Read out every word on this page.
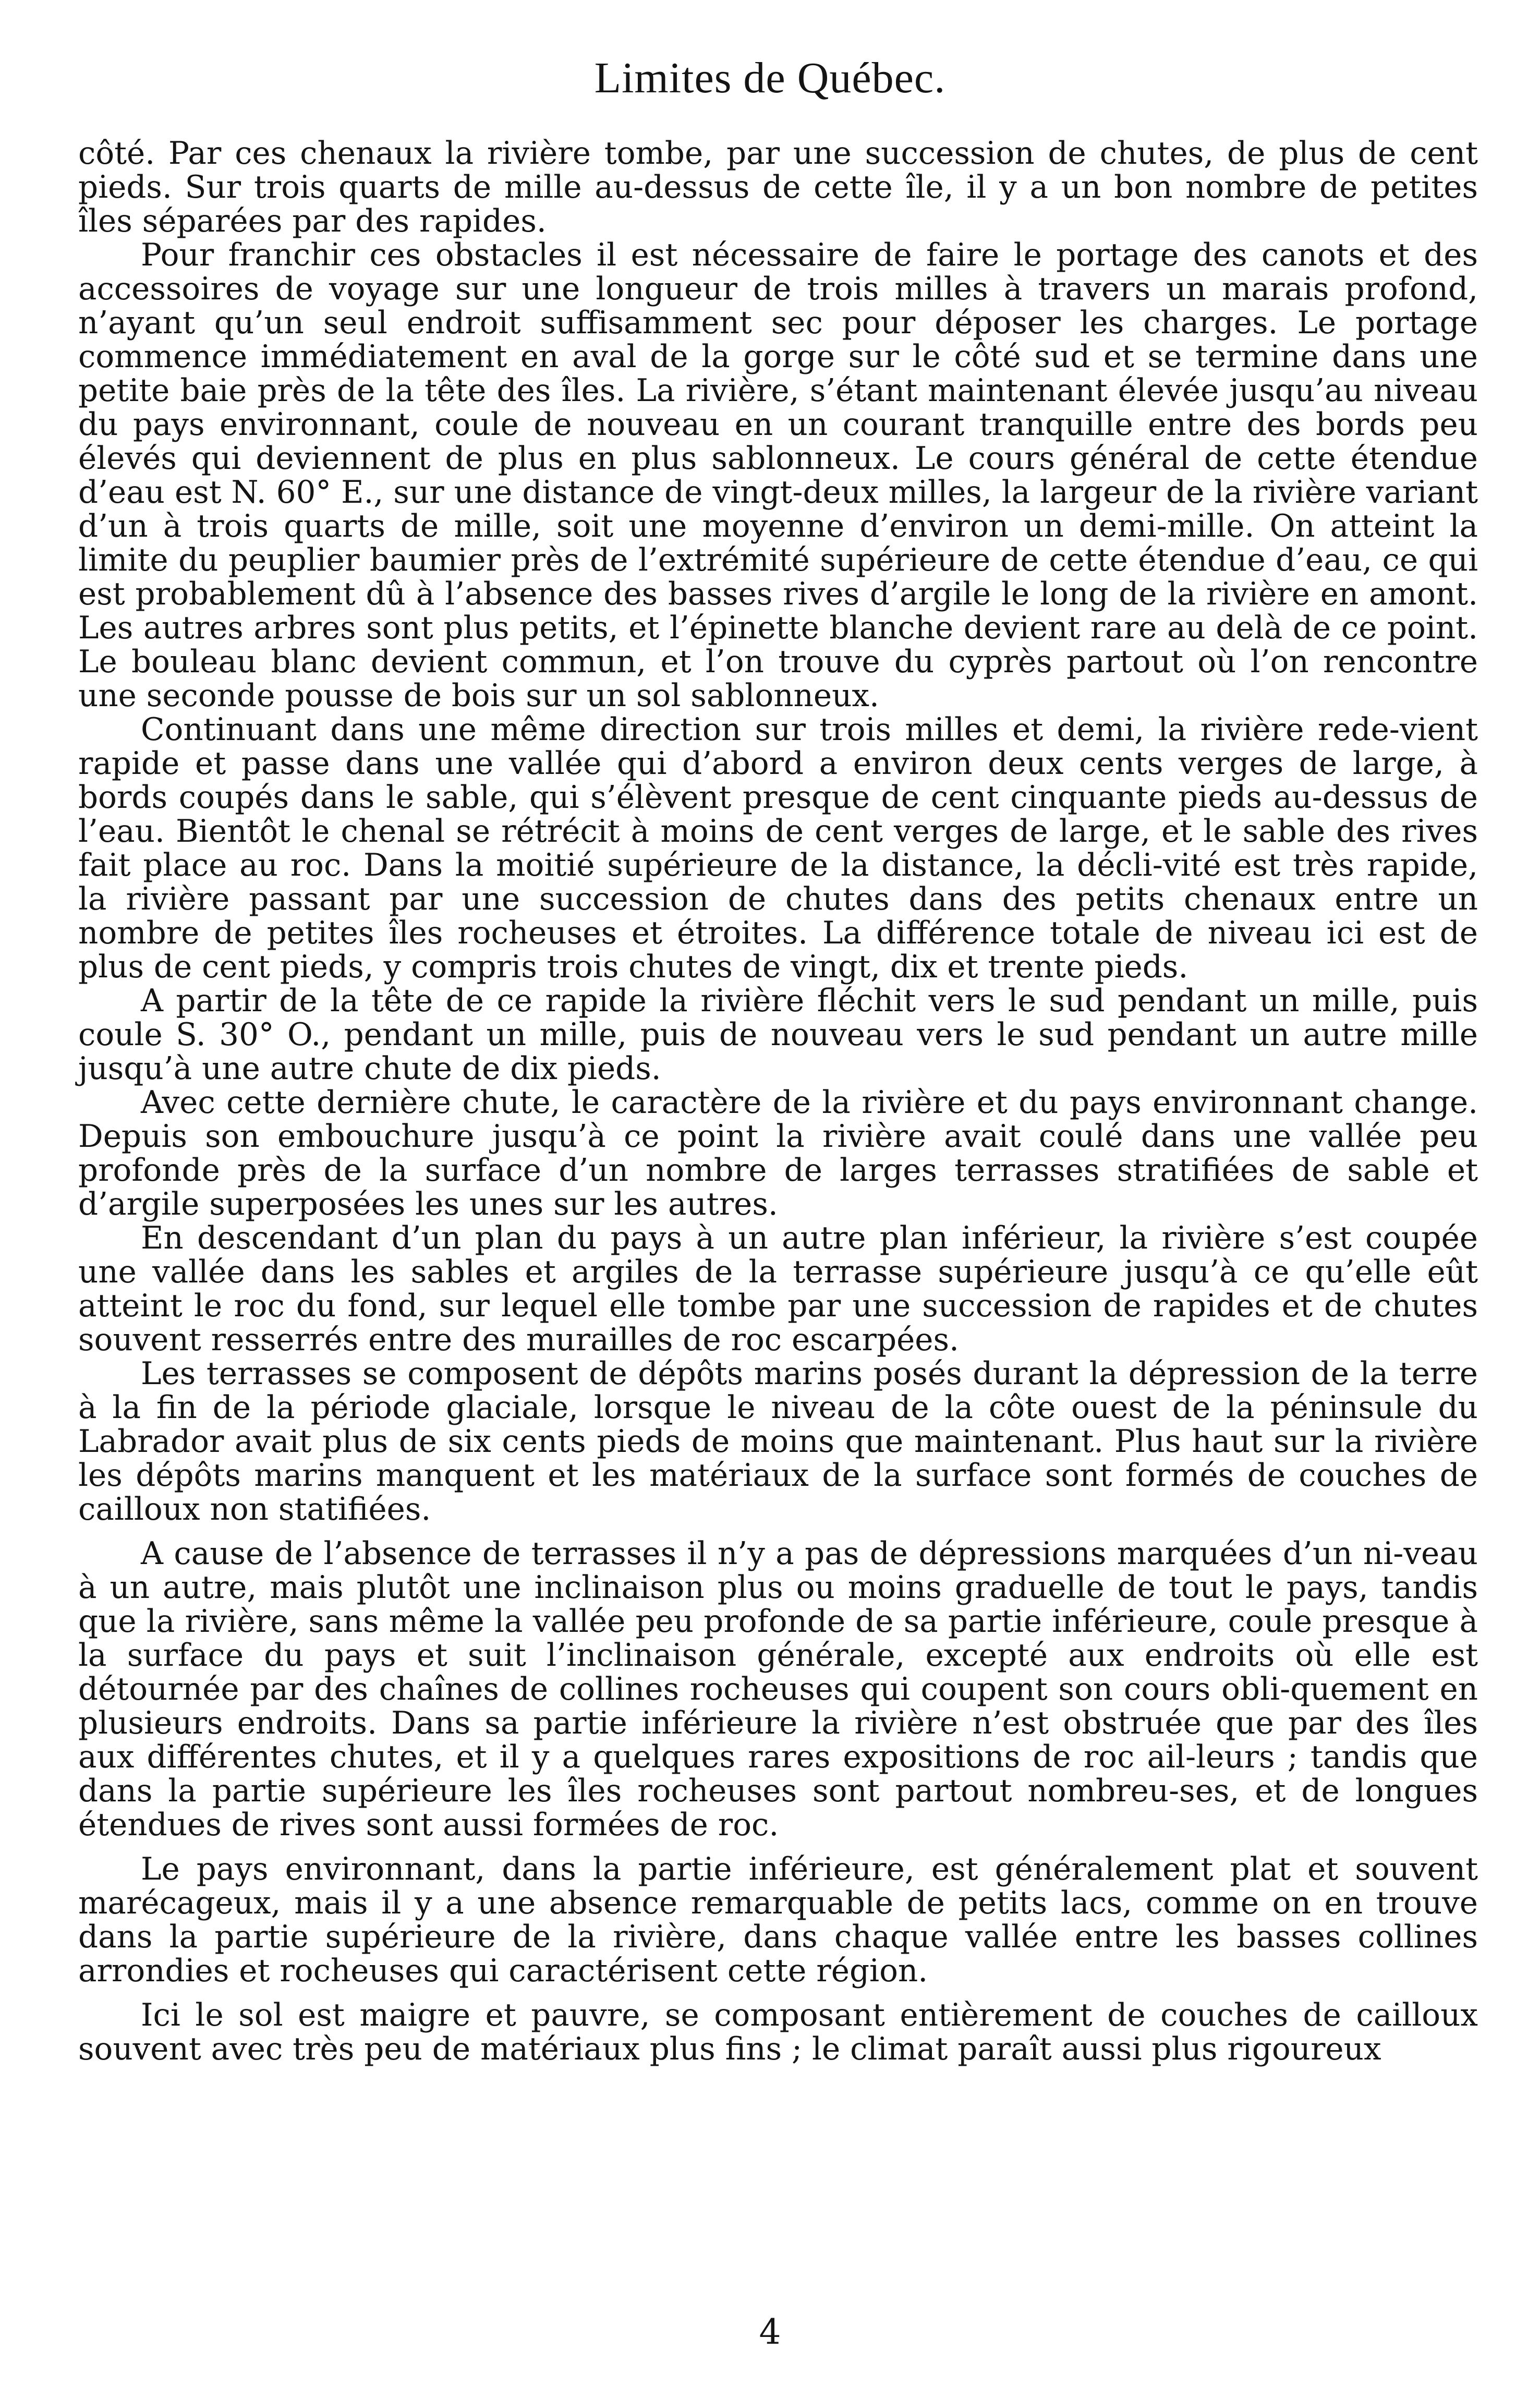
Limites de Québec.

côté. Par ces chenaux la rivière tombe, par une succession de chutes, de plus de cent pieds. Sur trois quarts de mille au-dessus de cette île, il y a un bon nombre de petites îles séparées par des rapides.

Pour franchir ces obstacles il est nécessaire de faire le portage des canots et des accessoires de voyage sur une longueur de trois milles à travers un marais profond, n’ayant qu’un seul endroit suffisamment sec pour déposer les charges. Le portage commence immédiatement en aval de la gorge sur le côté sud et se termine dans une petite baie près de la tête des îles. La rivière, s’étant maintenant élevée jusqu’au niveau du pays environnant, coule de nouveau en un courant tranquille entre des bords peu élevés qui deviennent de plus en plus sablonneux. Le cours général de cette étendue d’eau est N. 60° E., sur une distance de vingt-deux milles, la largeur de la rivière variant d’un à trois quarts de mille, soit une moyenne d’environ un demi-mille. On atteint la limite du peuplier baumier près de l’extrémité supérieure de cette étendue d’eau, ce qui est probablement dû à l’absence des basses rives d’argile le long de la rivière en amont. Les autres arbres sont plus petits, et l’épinette blanche devient rare au delà de ce point. Le bouleau blanc devient commun, et l’on trouve du cyprès partout où l’on rencontre une seconde pousse de bois sur un sol sablonneux.

Continuant dans une même direction sur trois milles et demi, la rivière rede-vient rapide et passe dans une vallée qui d’abord a environ deux cents verges de large, à bords coupés dans le sable, qui s’élèvent presque de cent cinquante pieds au-dessus de l’eau. Bientôt le chenal se rétrécit à moins de cent verges de large, et le sable des rives fait place au roc. Dans la moitié supérieure de la distance, la décli-vité est très rapide, la rivière passant par une succession de chutes dans des petits chenaux entre un nombre de petites îles rocheuses et étroites. La différence totale de niveau ici est de plus de cent pieds, y compris trois chutes de vingt, dix et trente pieds.

A partir de la tête de ce rapide la rivière fléchit vers le sud pendant un mille, puis coule S. 30° O., pendant un mille, puis de nouveau vers le sud pendant un autre mille jusqu’à une autre chute de dix pieds.

Avec cette dernière chute, le caractère de la rivière et du pays environnant change. Depuis son embouchure jusqu’à ce point la rivière avait coulé dans une vallée peu profonde près de la surface d’un nombre de larges terrasses stratifiées de sable et d’argile superposées les unes sur les autres.

En descendant d’un plan du pays à un autre plan inférieur, la rivière s’est coupée une vallée dans les sables et argiles de la terrasse supérieure jusqu’à ce qu’elle eût atteint le roc du fond, sur lequel elle tombe par une succession de rapides et de chutes souvent resserrés entre des murailles de roc escarpées.

Les terrasses se composent de dépôts marins posés durant la dépression de la terre à la fin de la période glaciale, lorsque le niveau de la côte ouest de la péninsule du Labrador avait plus de six cents pieds de moins que maintenant. Plus haut sur la rivière les dépôts marins manquent et les matériaux de la surface sont formés de couches de cailloux non statifiées.

A cause de l’absence de terrasses il n’y a pas de dépressions marquées d’un ni-veau à un autre, mais plutôt une inclinaison plus ou moins graduelle de tout le pays, tandis que la rivière, sans même la vallée peu profonde de sa partie inférieure, coule presque à la surface du pays et suit l’inclinaison générale, excepté aux endroits où elle est détournée par des chaînes de collines rocheuses qui coupent son cours obli-quement en plusieurs endroits. Dans sa partie inférieure la rivière n’est obstruée que par des îles aux différentes chutes, et il y a quelques rares expositions de roc ail-leurs ; tandis que dans la partie supérieure les îles rocheuses sont partout nombreu-ses, et de longues étendues de rives sont aussi formées de roc.

Le pays environnant, dans la partie inférieure, est généralement plat et souvent marécageux, mais il y a une absence remarquable de petits lacs, comme on en trouve dans la partie supérieure de la rivière, dans chaque vallée entre les basses collines arrondies et rocheuses qui caractérisent cette région.

Ici le sol est maigre et pauvre, se composant entièrement de couches de cailloux souvent avec très peu de matériaux plus fins ; le climat paraît aussi plus rigoureux

4
